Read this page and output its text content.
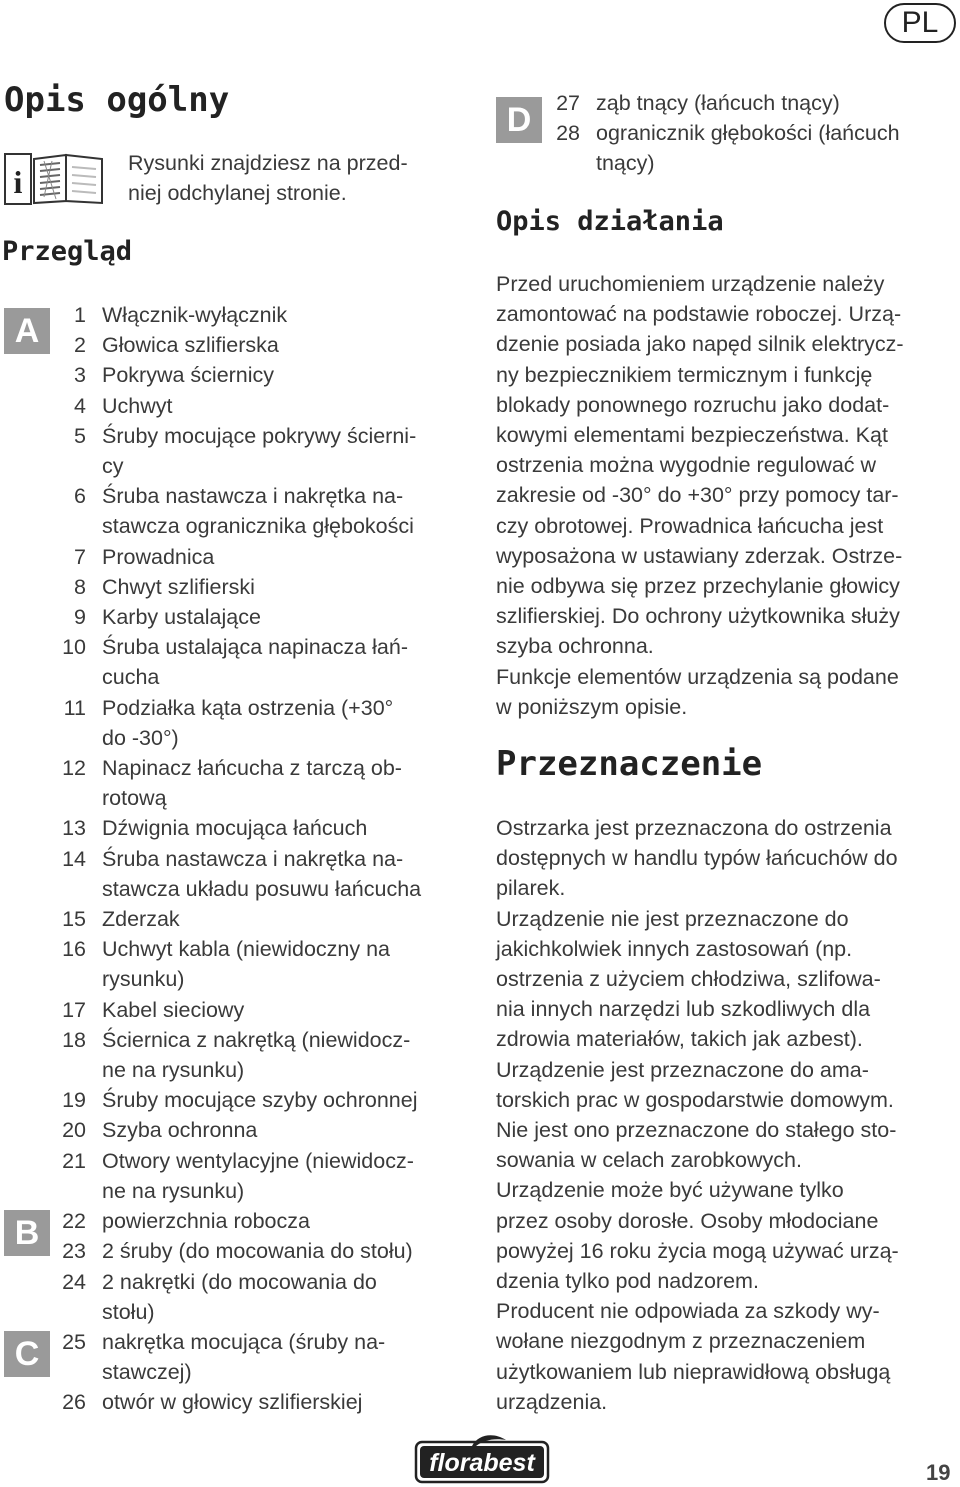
PL
Opis ogólny
i
Rysunki znajdziesz na przed-
niej odchylanej stronie.
Przegląd
A
B
C
1 Włącznik-wyłącznik
2 Głowica szlifierska
3 Pokrywa ściernicy
4 Uchwyt
5 Śruby mocujące pokrywy ścierni-
cy
6 Śruba nastawcza i nakrętka na-
stawcza ogranicznika głębokości
7 Prowadnica
8 Chwyt szlifierski
9 Karby ustalające
10 Śruba ustalająca napinacza łań-
cucha
11 Podziałka kąta ostrzenia (+30°
do -30°)
12 Napinacz łańcucha z tarczą ob-
rotową
13 Dźwignia mocująca łańcuch
14 Śruba nastawcza i nakrętka na-
stawcza układu posuwu łańcucha
15 Zderzak
16 Uchwyt kabla (niewidoczny na
rysunku)
17 Kabel sieciowy
18 Ściernica z nakrętką (niewidocz-
ne na rysunku)
19 Śruby mocujące szyby ochronnej
20 Szyba ochronna
21 Otwory wentylacyjne (niewidocz-
ne na rysunku)
22 powierzchnia robocza
23 2 śruby (do mocowania do stołu)
24 2 nakrętki (do mocowania do
stołu)
25 nakrętka mocująca (śruby na-
stawczej)
26 otwór w głowicy szlifierskiej
D	27 ząb tnący (łańcuch tnący)
28 ogranicznik głębokości (łańcuch
tnący)
Opis działania
Przed uruchomieniem urządzenie należy
zamontować na podstawie roboczej. Urzą-
dzenie posiada jako napęd silnik elektrycz-
ny bezpiecznikiem termicznym i funkcję
blokady ponownego rozruchu jako dodat-
kowymi elementami bezpieczeństwa. Kąt
ostrzenia można wygodnie regulować w
zakresie od -30° do +30° przy pomocy tar-
czy obrotowej. Prowadnica łańcucha jest
wyposażona w ustawiany zderzak. Ostrze-
nie odbywa się przez przechylanie głowicy
szlifierskiej. Do ochrony użytkownika służy
szyba ochronna.
Funkcje elementów urządzenia są podane
w poniższym opisie.
Przeznaczenie
Ostrzarka jest przeznaczona do ostrzenia
dostępnych w handlu typów łańcuchów do
pilarek.
Urządzenie nie jest przeznaczone do
jakichkolwiek innych zastosowań (np.
ostrzenia z użyciem chłodziwa, szlifowa-
nia innych narzędzi lub szkodliwych dla
zdrowia materiałów, takich jak azbest).
Urządzenie jest przeznaczone do ama-
torskich prac w gospodarstwie domowym.
Nie jest ono przeznaczone do stałego sto-
sowania w celach zarobkowych.
Urządzenie może być używane tylko
przez osoby dorosłe. Osoby młodociane
powyżej 16 roku życia mogą używać urzą-
dzenia tylko pod nadzorem.
Producent nie odpowiada za szkody wy-
wołane niezgodnym z przeznaczeniem
użytkowaniem lub nieprawidłową obsługą
urządzenia.
florabest	19
